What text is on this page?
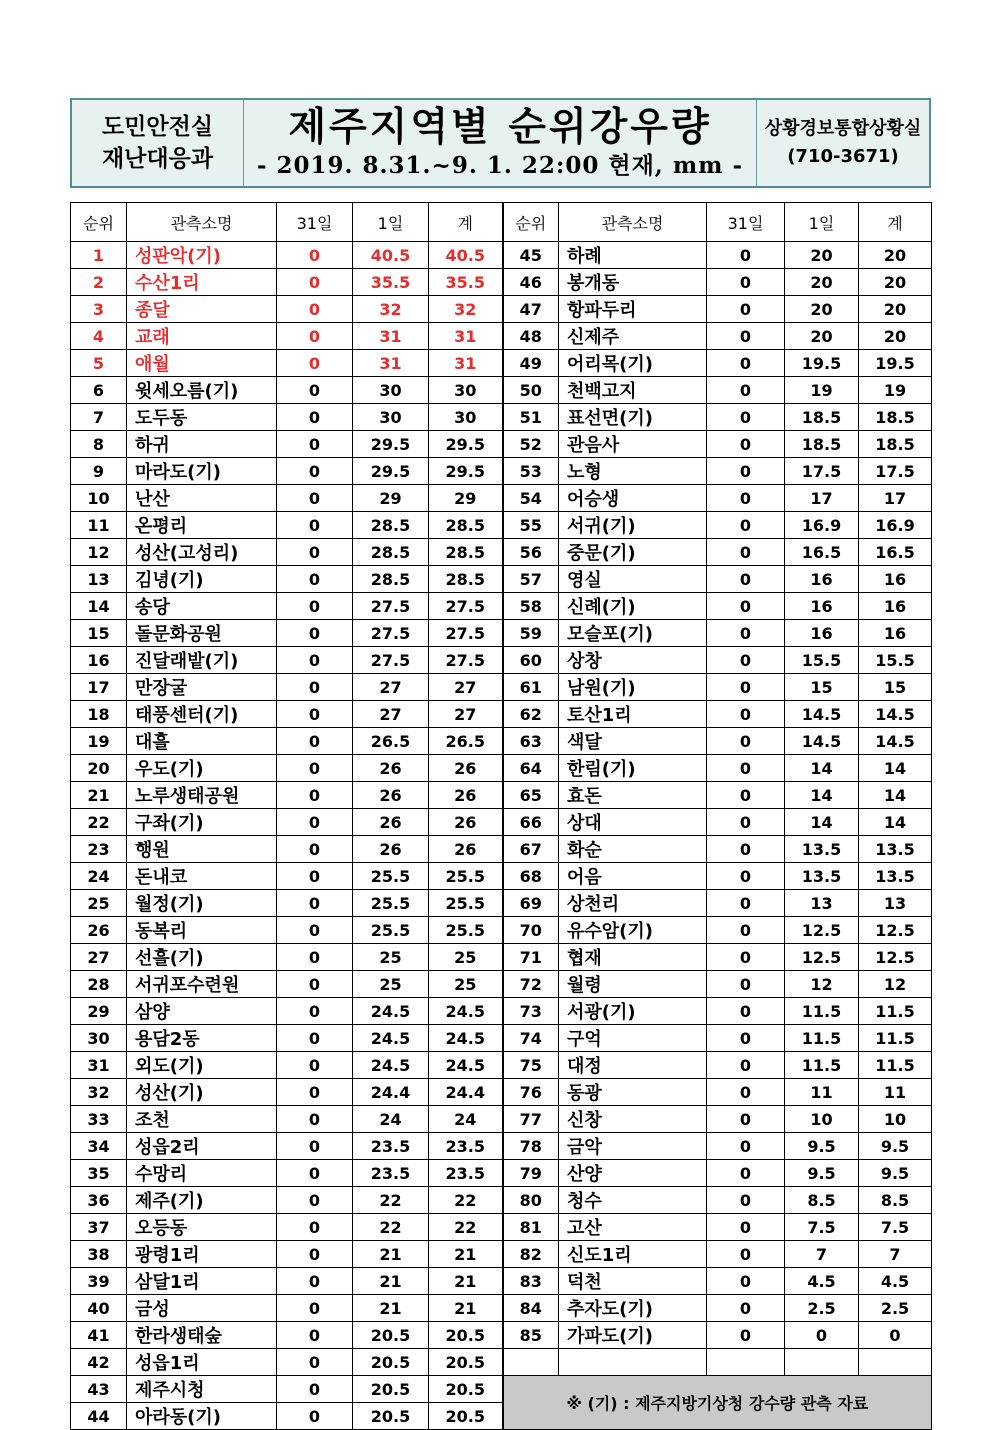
도민안전실
재난대응과
제주지역별 순위강우량
- 2019. 8.31.~9. 1. 22:00 현재, mm -
상황경보통합상황실
(710-3671)
순위	관측소명	31일	1일	계	순위	관측소명	31일	1일	계
1	성판악(기)	0	40.5	40.5	45	하례	0	20	20
2	수산1리	0	35.5	35.5	46	봉개동	0	20	20
3	종달	0	32	32	47	항파두리	0	20	20
4	교래	0	31	31	48	신제주	0	20	20
5	애월	0	31	31	49	어리목(기)	0	19.5	19.5
6	윗세오름(기)	0	30	30	50	천백고지	0	19	19
7	도두동	0	30	30	51	표선면(기)	0	18.5	18.5
8	하귀	0	29.5	29.5	52	관음사	0	18.5	18.5
9	마라도(기)	0	29.5	29.5	53	노형	0	17.5	17.5
10	난산	0	29	29	54	어승생	0	17	17
11	온평리	0	28.5	28.5	55	서귀(기)	0	16.9	16.9
12	성산(고성리)	0	28.5	28.5	56	중문(기)	0	16.5	16.5
13	김녕(기)	0	28.5	28.5	57	영실	0	16	16
14	송당	0	27.5	27.5	58	신례(기)	0	16	16
15	돌문화공원	0	27.5	27.5	59	모슬포(기)	0	16	16
16	진달래밭(기)	0	27.5	27.5	60	상창	0	15.5	15.5
17	만장굴	0	27	27	61	남원(기)	0	15	15
18	태풍센터(기)	0	27	27	62	토산1리	0	14.5	14.5
19	대흘	0	26.5	26.5	63	색달	0	14.5	14.5
20	우도(기)	0	26	26	64	한림(기)	0	14	14
21	노루생태공원	0	26	26	65	효돈	0	14	14
22	구좌(기)	0	26	26	66	상대	0	14	14
23	행원	0	26	26	67	화순	0	13.5	13.5
24	돈내코	0	25.5	25.5	68	어음	0	13.5	13.5
25	월정(기)	0	25.5	25.5	69	상천리	0	13	13
26	동복리	0	25.5	25.5	70	유수암(기)	0	12.5	12.5
27	선흘(기)	0	25	25	71	협재	0	12.5	12.5
28	서귀포수련원	0	25	25	72	월령	0	12	12
29	삼양	0	24.5	24.5	73	서광(기)	0	11.5	11.5
30	용담2동	0	24.5	24.5	74	구억	0	11.5	11.5
31	외도(기)	0	24.5	24.5	75	대정	0	11.5	11.5
32	성산(기)	0	24.4	24.4	76	동광	0	11	11
33	조천	0	24	24	77	신창	0	10	10
34	성읍2리	0	23.5	23.5	78	금악	0	9.5	9.5
35	수망리	0	23.5	23.5	79	산양	0	9.5	9.5
36	제주(기)	0	22	22	80	청수	0	8.5	8.5
37	오등동	0	22	22	81	고산	0	7.5	7.5
38	광령1리	0	21	21	82	신도1리	0	7	7
39	삼달1리	0	21	21	83	덕천	0	4.5	4.5
40	금성	0	21	21	84	추자도(기)	0	2.5	2.5
41	한라생태숲	0	20.5	20.5	85	가파도(기)	0	0	0
42	성읍1리	0	20.5	20.5					
43	제주시청	0	20.5	20.5	※ (기) : 제주지방기상청 강수량 관측 자료				
44	아라동(기)	0	20.5	20.5					
